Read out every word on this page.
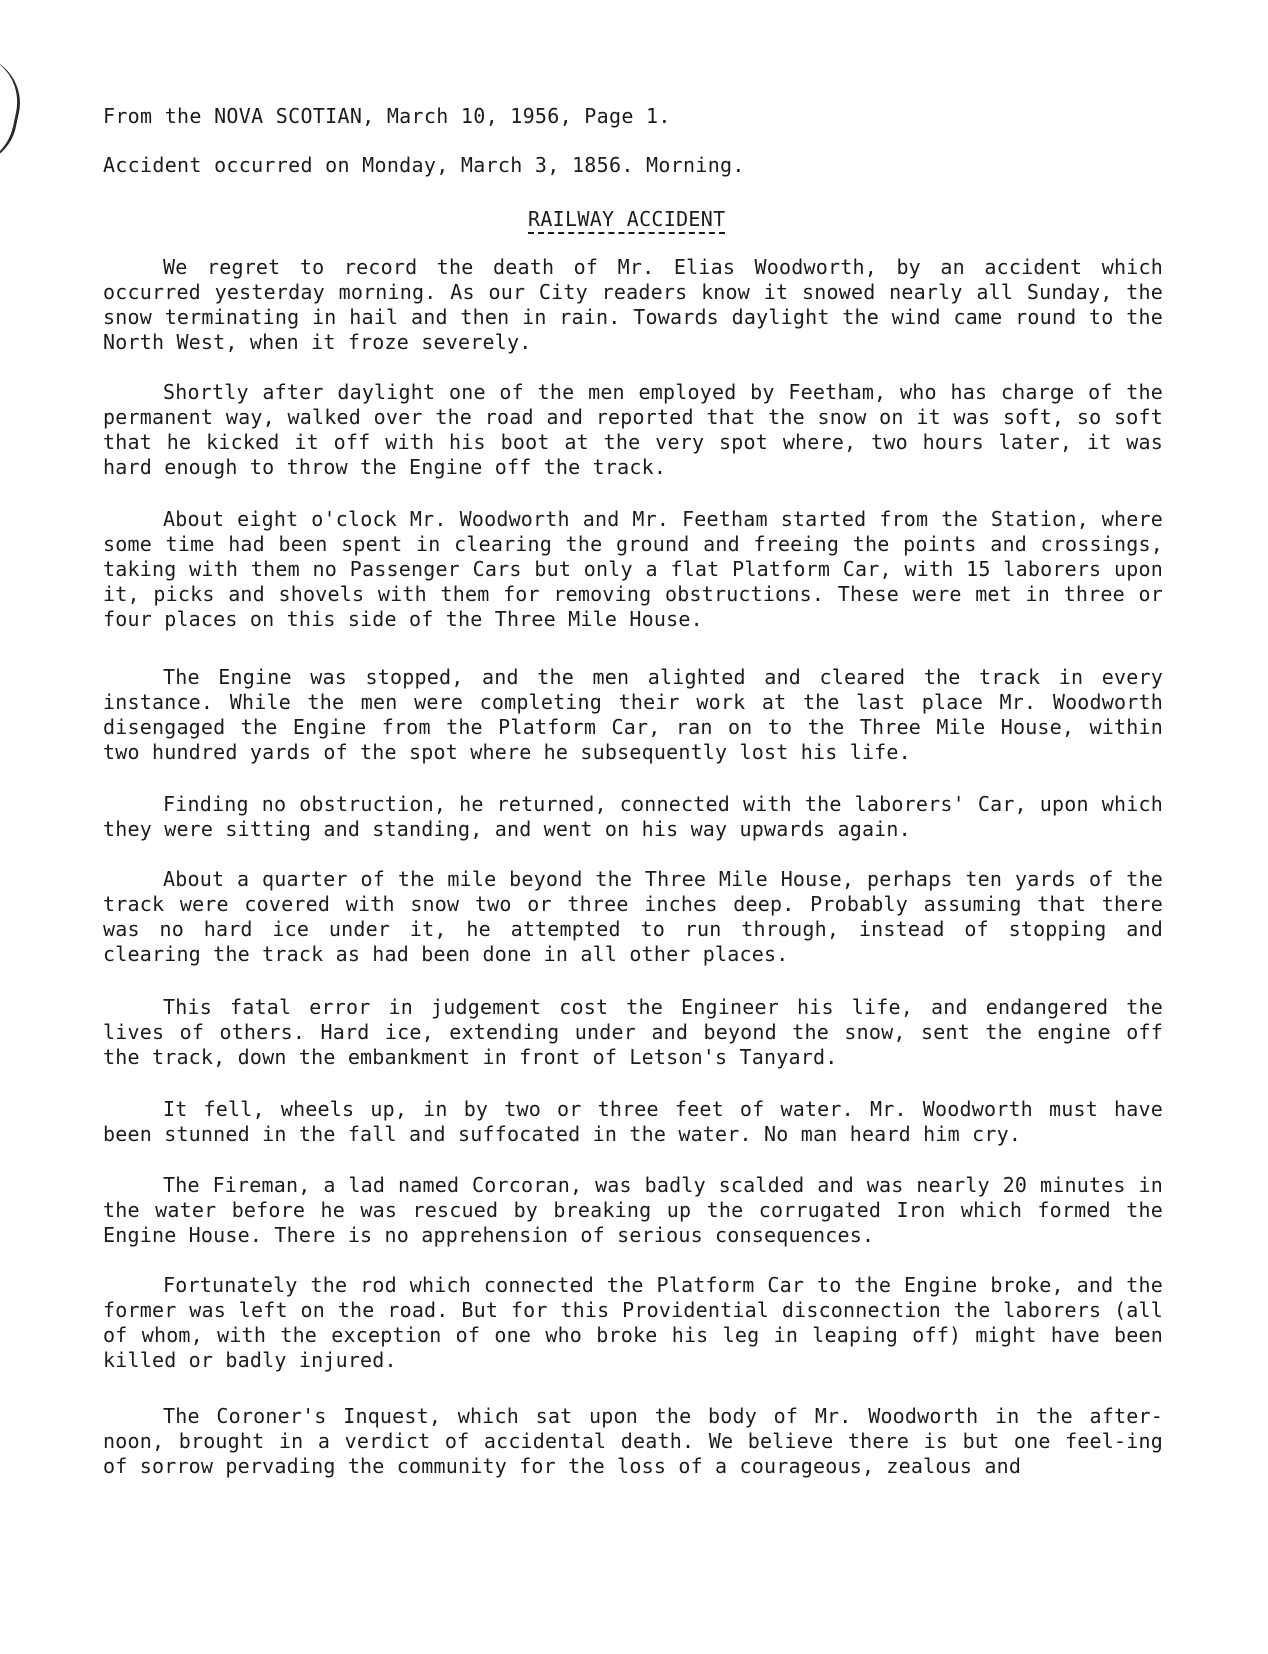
From the NOVA SCOTIAN, March 10, 1956, Page 1.
Accident occurred on Monday, March 3, 1856. Morning.
RAILWAY ACCIDENT

We regret to record the death of Mr. Elias Woodworth, by an accident which occurred yesterday morning. As our City readers know it snowed nearly all Sunday, the snow terminating in hail and then in rain. Towards daylight the wind came round to the North West, when it froze severely.

Shortly after daylight one of the men employed by Feetham, who has charge of the permanent way, walked over the road and reported that the snow on it was soft, so soft that he kicked it off with his boot at the very spot where, two hours later, it was hard enough to throw the Engine off the track.

About eight o'clock Mr. Woodworth and Mr. Feetham started from the Station, where some time had been spent in clearing the ground and freeing the points and crossings, taking with them no Passenger Cars but only a flat Platform Car, with 15 laborers upon it, picks and shovels with them for removing obstructions. These were met in three or four places on this side of the Three Mile House.

The Engine was stopped, and the men alighted and cleared the track in every instance. While the men were completing their work at the last place Mr. Woodworth disengaged the Engine from the Platform Car, ran on to the Three Mile House, within two hundred yards of the spot where he subsequently lost his life.

Finding no obstruction, he returned, connected with the laborers' Car, upon which they were sitting and standing, and went on his way upwards again.

About a quarter of the mile beyond the Three Mile House, perhaps ten yards of the track were covered with snow two or three inches deep. Probably assuming that there was no hard ice under it, he attempted to run through, instead of stopping and clearing the track as had been done in all other places.

This fatal error in judgement cost the Engineer his life, and endangered the lives of others. Hard ice, extending under and beyond the snow, sent the engine off the track, down the embankment in front of Letson's Tanyard.

It fell, wheels up, in by two or three feet of water. Mr. Woodworth must have been stunned in the fall and suffocated in the water. No man heard him cry.

The Fireman, a lad named Corcoran, was badly scalded and was nearly 20 minutes in the water before he was rescued by breaking up the corrugated Iron which formed the Engine House. There is no apprehension of serious consequences.

Fortunately the rod which connected the Platform Car to the Engine broke, and the former was left on the road. But for this Providential disconnection the laborers (all of whom, with the exception of one who broke his leg in leaping off) might have been killed or badly injured.

The Coroner's Inquest, which sat upon the body of Mr. Woodworth in the after-noon, brought in a verdict of accidental death. We believe there is but one feel-ing of sorrow pervading the community for the loss of a courageous, zealous and
